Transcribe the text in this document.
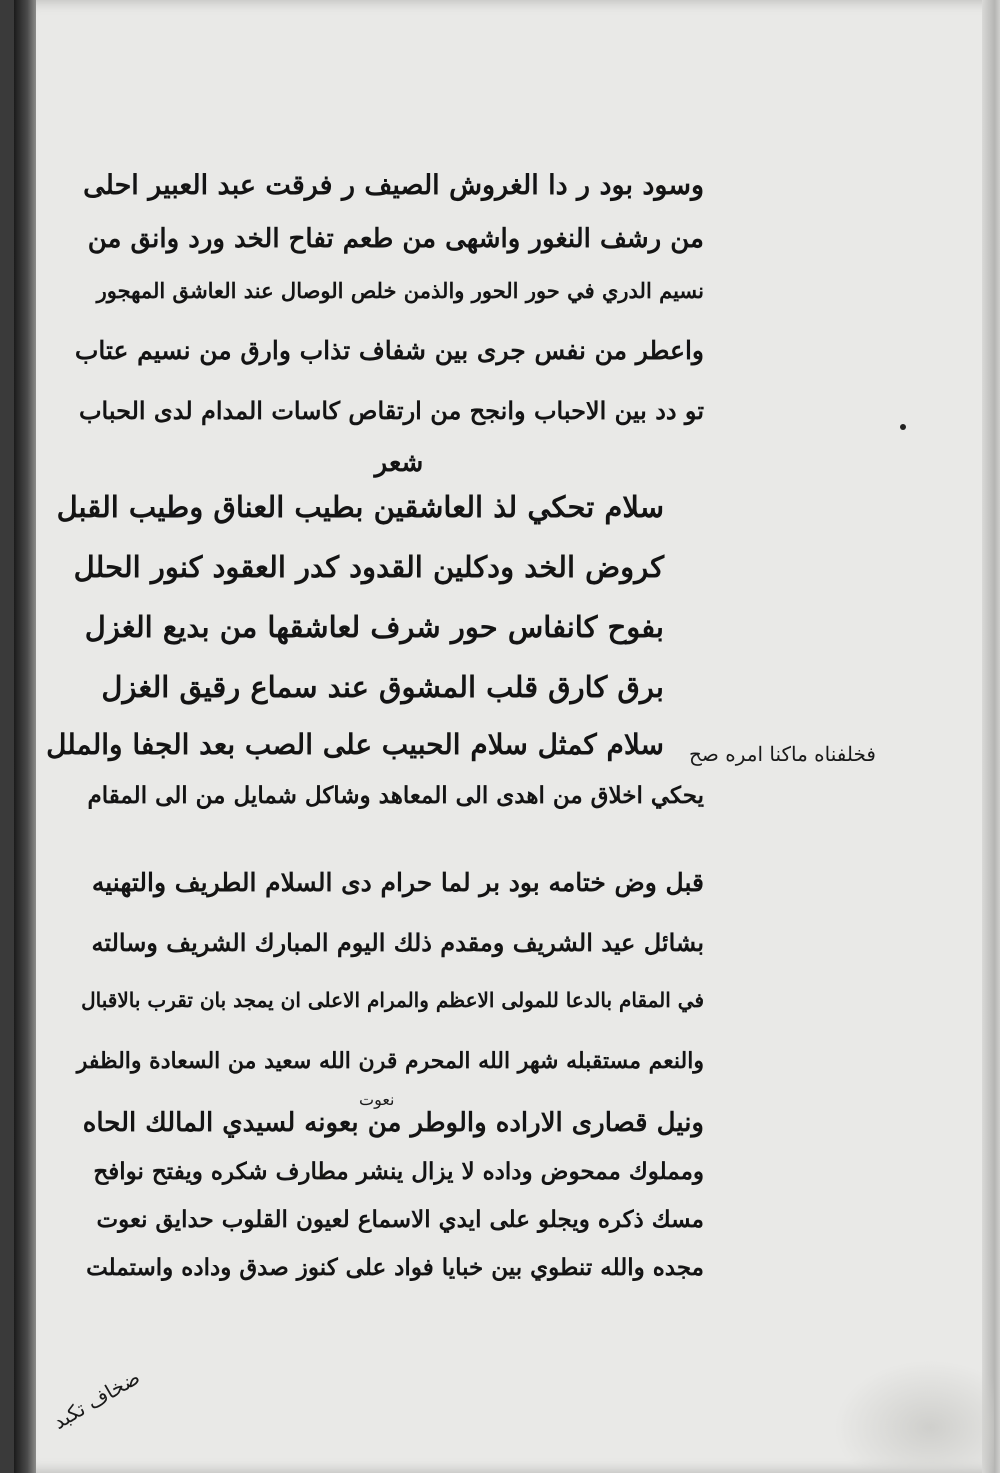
وسود بود ر دا الغروش الصيف ر فرقت عبد العبير احلى
من رشف النغور واشهى من طعم تفاح الخد ورد وانق من
نسيم الدري في حور الحور والذمن خلص الوصال عند العاشق المهجور
واعطر من نفس جرى بين شفاف تذاب وارق من نسيم عتاب
تو دد بين الاحباب وانجح من ارتقاص كاسات المدام لدى الحباب
سلام تحكي لذ العاشقين بطيب العناق وطيب القبل
كروض الخد ودكلين القدود كدر العقود كنور الحلل
بفوح كانفاس حور شرف لعاشقها من بديع الغزل
برق كارق قلب المشوق عند سماع رقيق الغزل
سلام كمثل سلام الحبيب على الصب بعد الجفا والملل
يحكي اخلاق من اهدى الى المعاهد وشاكل شمايل من الى المقام
قبل وض ختامه بود بر لما حرام دى السلام الطريف والتهنيه
بشائل عيد الشريف ومقدم ذلك اليوم المبارك الشريف وسالته
في المقام بالدعا للمولى الاعظم والمرام الاعلى ان يمجد بان تقرب بالاقبال
والنعم مستقبله شهر الله المحرم قرن الله سعيد من السعادة والظفر
ونيل قصارى الاراده والوطر من بعونه لسيدي المالك الحاه
ومملوك ممحوض وداده لا يزال ينشر مطارف شكره ويفتح نوافح
مسك ذكره ويجلو على ايدي الاسماع لعيون القلوب حدايق نعوت
مجده والله تنطوي بين خبايا فواد على كنوز صدق وداده واستملت
شعر
نعوت
فخلفناه ماكنا امره صح
ضخاف تكبد
